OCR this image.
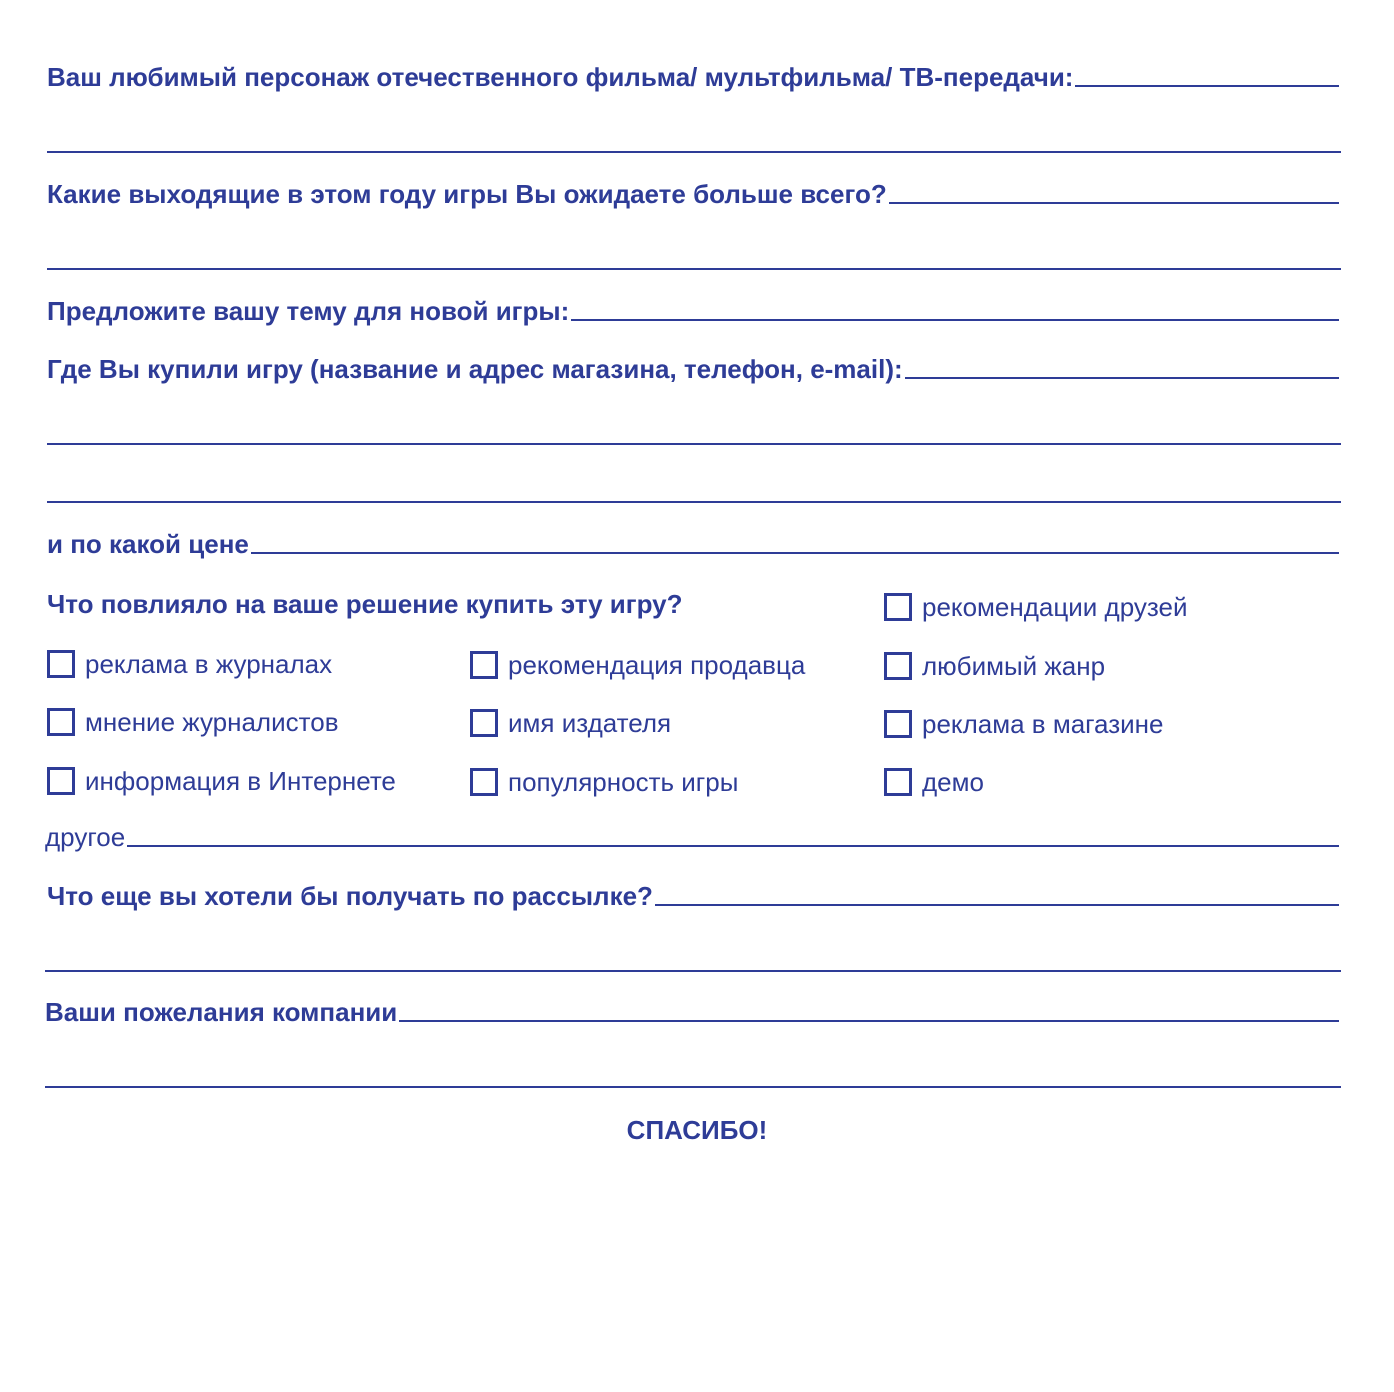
Ваш любимый персонаж отечественного фильма/ мультфильма/ ТВ-передачи:
Какие выходящие в этом году игры Вы ожидаете больше всего?
Предложите вашу тему для новой игры:
Где Вы купили игру (название и адрес магазина, телефон, e-mail):
и по какой цене
Что повлияло на ваше решение купить эту игру?	рекомендации друзей
реклама в журналах	рекомендация продавца	любимый жанр
мнение журналистов	имя издателя	реклама в магазине
информация в Интернете	популярность игры	демо
другое
Что еще вы хотели бы получать по рассылке?
Ваши пожелания компании
СПАСИБО!
